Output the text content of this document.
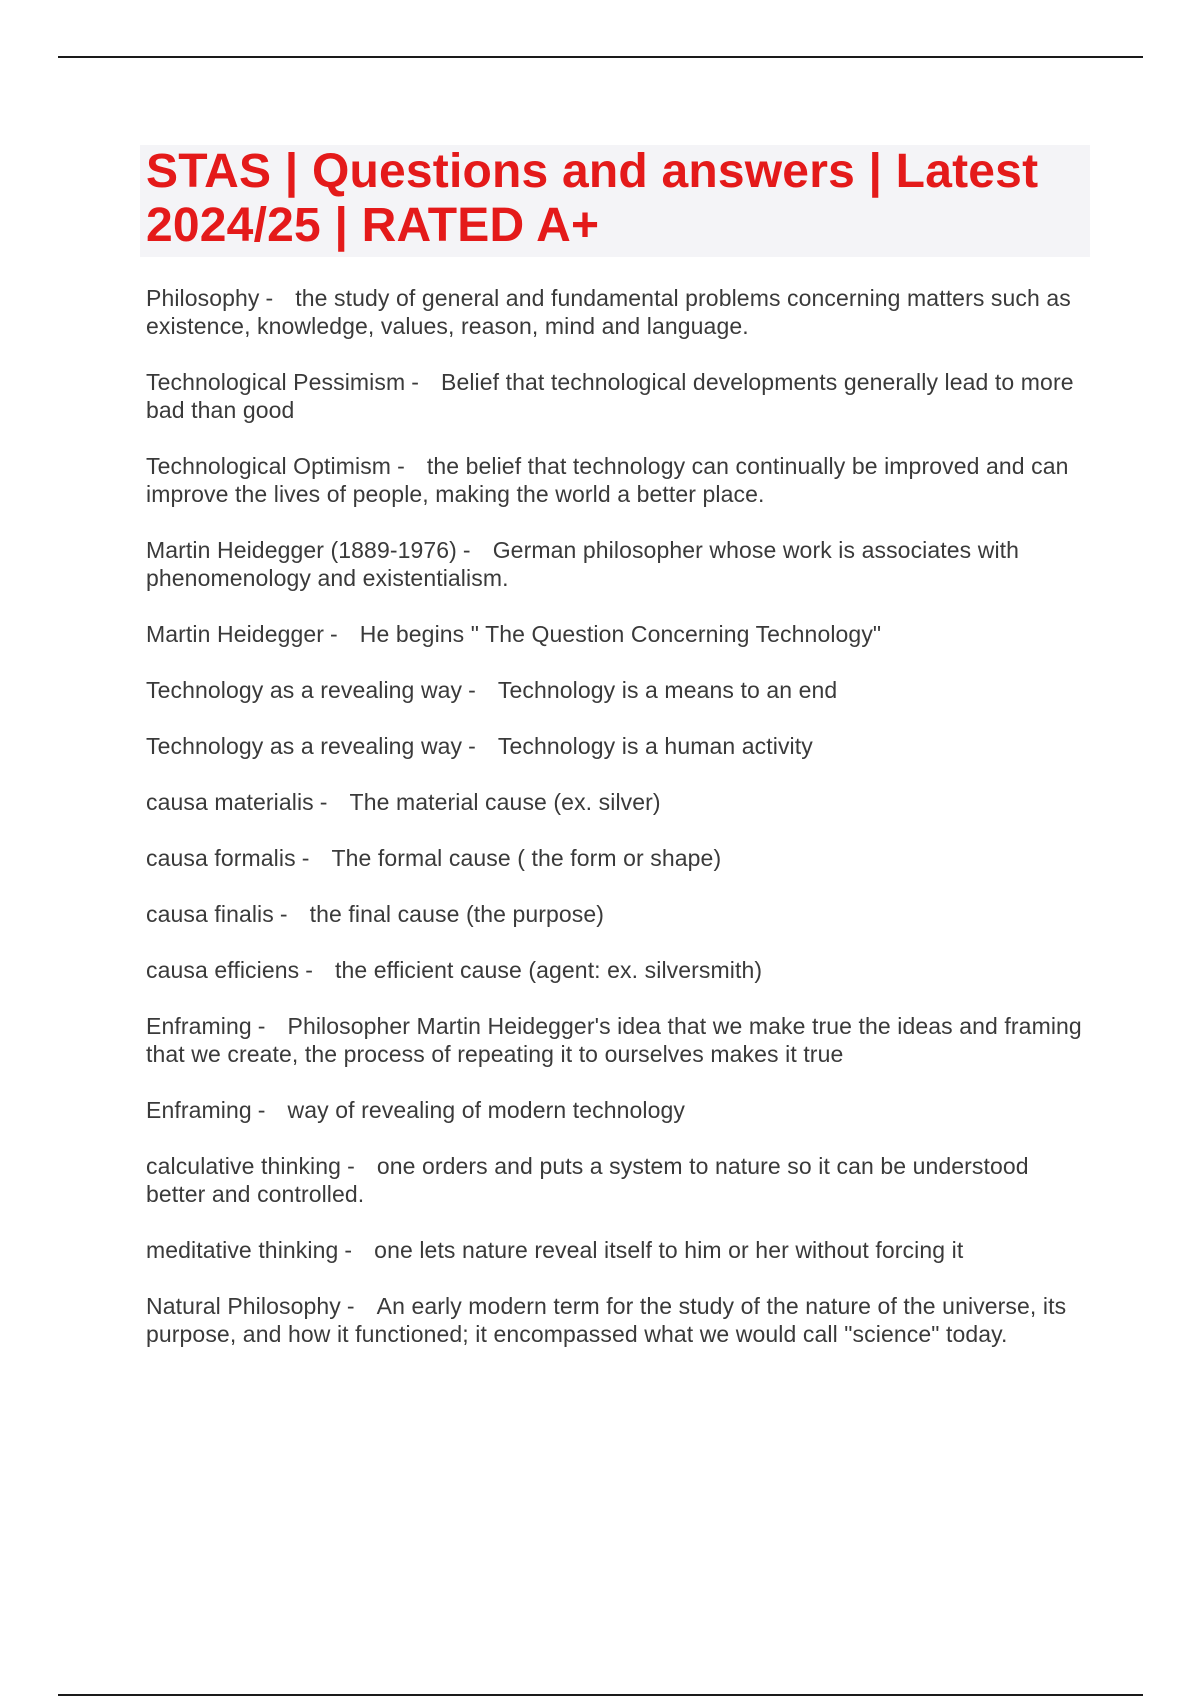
STAS | Questions and answers | Latest 2024/25 | RATED A+
Philosophy - the study of general and fundamental problems concerning matters such as existence, knowledge, values, reason, mind and language.
Technological Pessimism - Belief that technological developments generally lead to more bad than good
Technological Optimism - the belief that technology can continually be improved and can improve the lives of people, making the world a better place.
Martin Heidegger (1889-1976) - German philosopher whose work is associates with phenomenology and existentialism.
Martin Heidegger - He begins " The Question Concerning Technology"
Technology as a revealing way - Technology is a means to an end
Technology as a revealing way - Technology is a human activity
causa materialis - The material cause (ex. silver)
causa formalis - The formal cause ( the form or shape)
causa finalis - the final cause (the purpose)
causa efficiens - the efficient cause (agent: ex. silversmith)
Enframing - Philosopher Martin Heidegger's idea that we make true the ideas and framing that we create, the process of repeating it to ourselves makes it true
Enframing - way of revealing of modern technology
calculative thinking - one orders and puts a system to nature so it can be understood better and controlled.
meditative thinking - one lets nature reveal itself to him or her without forcing it
Natural Philosophy - An early modern term for the study of the nature of the universe, its purpose, and how it functioned; it encompassed what we would call "science" today.
